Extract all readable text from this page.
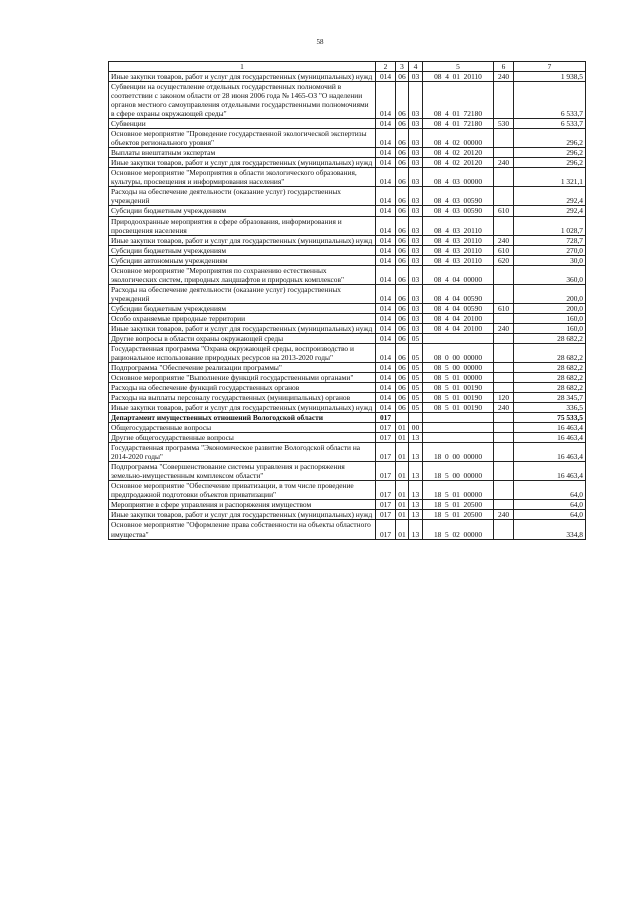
58
1	2	3	4	5	6	7
Иные закупки товаров, работ и услуг для государственных (муниципальных) нужд	014	06	03	08  4  01  20110	240	1 938,5
Субвенции на осуществление отдельных государственных полномочий в соответствии с законом области от 28 июня 2006 года № 1465-ОЗ "О наделении органов местного самоуправления отдельными государственными полномочиями в сфере охраны окружающей среды"	014	06	03	08  4  01  72180		6 533,7
Субвенции	014	06	03	08  4  01  72180	530	6 533,7
Основное мероприятие "Проведение государственной экологической экспертизы объектов регионального уровня"	014	06	03	08  4  02  00000		296,2
Выплаты внештатным экспертам	014	06	03	08  4  02  20120		296,2
Иные закупки товаров, работ и услуг для государственных (муниципальных) нужд	014	06	03	08  4  02  20120	240	296,2
Основное мероприятие "Мероприятия в области экологического образования, культуры, просвещения и информирования населения"	014	06	03	08  4  03  00000		1 321,1
Расходы на обеспечение деятельности (оказание услуг) государственных учреждений	014	06	03	08  4  03  00590		292,4
Субсидии бюджетным учреждениям	014	06	03	08  4  03  00590	610	292,4
Природоохранные мероприятия в сфере образования, информирования и просвещения населения	014	06	03	08  4  03  20110		1 028,7
Иные закупки товаров, работ и услуг для государственных (муниципальных) нужд	014	06	03	08  4  03  20110	240	728,7
Субсидии бюджетным учреждениям	014	06	03	08  4  03  20110	610	270,0
Субсидии автономным учреждениям	014	06	03	08  4  03  20110	620	30,0
Основное мероприятие "Мероприятия по сохранению естественных экологических систем, природных ландшафтов и природных комплексов"	014	06	03	08  4  04  00000		360,0
Расходы на обеспечение деятельности (оказание услуг) государственных учреждений	014	06	03	08  4  04  00590		200,0
Субсидии бюджетным учреждениям	014	06	03	08  4  04  00590	610	200,0
Особо охраняемые природные территории	014	06	03	08  4  04  20100		160,0
Иные закупки товаров, работ и услуг для государственных (муниципальных) нужд	014	06	03	08  4  04  20100	240	160,0
Другие вопросы в области охраны окружающей среды	014	06	05			28 682,2
Государственная программа "Охрана окружающей среды, воспроизводство и рациональное использование природных ресурсов на 2013-2020 годы"	014	06	05	08  0  00  00000		28 682,2
Подпрограмма "Обеспечение реализации программы"	014	06	05	08  5  00  00000		28 682,2
Основное мероприятие "Выполнение функций государственными органами"	014	06	05	08  5  01  00000		28 682,2
Расходы на обеспечение функций государственных органов	014	06	05	08  5  01  00190		28 682,2
Расходы на выплаты персоналу государственных (муниципальных) органов	014	06	05	08  5  01  00190	120	28 345,7
Иные закупки товаров, работ и услуг для государственных (муниципальных) нужд	014	06	05	08  5  01  00190	240	336,5
Департамент имущественных отношений Вологодской области	017					75 533,5
Общегосударственные вопросы	017	01	00			16 463,4
Другие общегосударственные вопросы	017	01	13			16 463,4
Государственная программа "Экономическое развитие Вологодской области на 2014-2020 годы"	017	01	13	18  0  00  00000		16 463,4
Подпрограмма "Совершенствование системы управления и распоряжения земельно-имущественным комплексом области"	017	01	13	18  5  00  00000		16 463,4
Основное мероприятие "Обеспечение приватизации, в том числе проведение предпродажной подготовки объектов приватизации"	017	01	13	18  5  01  00000		64,0
Мероприятие в сфере управления и распоряжения имуществом	017	01	13	18  5  01  20500		64,0
Иные закупки товаров, работ и услуг для государственных (муниципальных) нужд	017	01	13	18  5  01  20500	240	64,0
Основное мероприятие "Оформление права собственности на объекты областного имущества"	017	01	13	18  5  02  00000		334,8
